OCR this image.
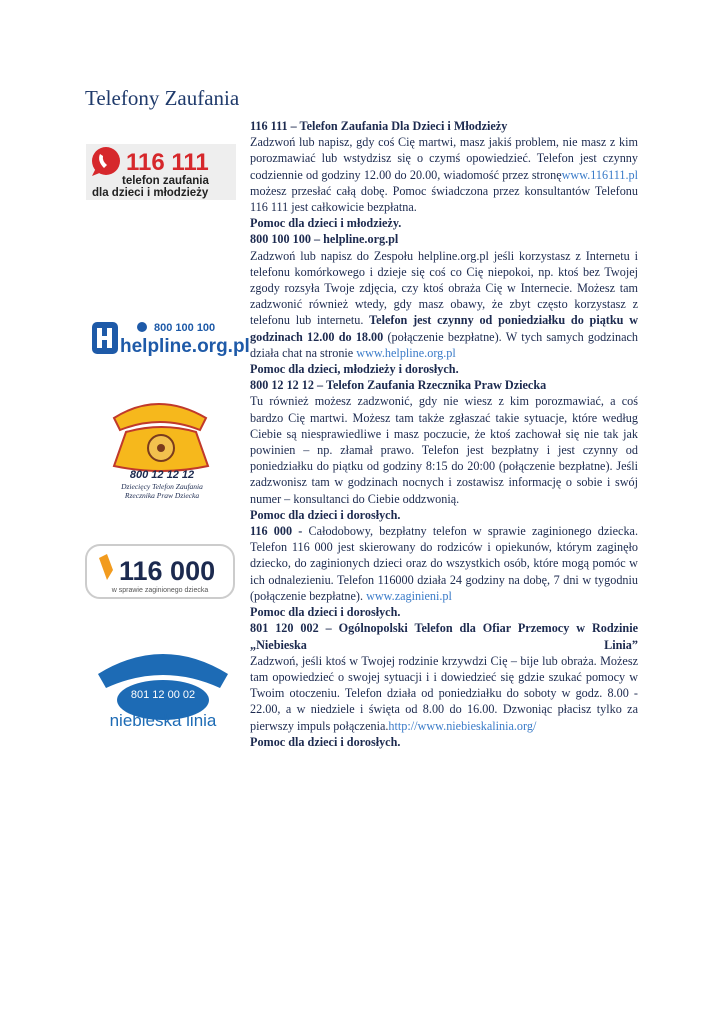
Telefony Zaufania
116 111
telefon zaufania
dla dzieci i młodzieży
800 100 100
helpline.org.pl
800 12 12 12
Dziecięcy Telefon Zaufania
Rzecznika Praw Dziecka
116 000
w sprawie zaginionego dziecka
801 12 00 02
niebieska linia

116 111 – Telefon Zaufania Dla Dzieci i Młodzieży

Zadzwoń lub napisz, gdy coś Cię martwi, masz jakiś problem, nie masz z kim porozmawiać lub wstydzisz się o czymś opowiedzieć. Telefon jest czynny codziennie od godziny 12.00 do 20.00, wiadomość przez stronęwww.116111.pl możesz przesłać całą dobę. Pomoc świadczona przez konsultantów Telefonu 116 111 jest całkowicie bezpłatna.

Pomoc dla dzieci i młodzieży.

800 100 100 – helpline.org.pl

Zadzwoń lub napisz do Zespołu helpline.org.pl jeśli korzystasz z Internetu i telefonu komórkowego i dzieje się coś co Cię niepokoi, np. ktoś bez Twojej zgody rozsyła Twoje zdjęcia, czy ktoś obraża Cię w Internecie. Możesz tam zadzwonić również wtedy, gdy masz obawy, że zbyt często korzystasz z telefonu lub internetu. Telefon jest czynny od poniedziałku do piątku w godzinach 12.00 do 18.00 (połączenie bezpłatne). W tych samych godzinach działa chat na stronie www.helpline.org.pl

Pomoc dla dzieci, młodzieży i dorosłych.

800 12 12 12 – Telefon Zaufania Rzecznika Praw Dziecka

Tu również możesz zadzwonić, gdy nie wiesz z kim porozmawiać, a coś bardzo Cię martwi. Możesz tam także zgłaszać takie sytuacje, które według Ciebie są niesprawiedliwe i masz poczucie, że ktoś zachował się nie tak jak powinien – np. złamał prawo. Telefon jest bezpłatny i jest czynny od poniedziałku do piątku od godziny 8:15 do 20:00 (połączenie bezpłatne). Jeśli zadzwonisz tam w godzinach nocnych i zostawisz informację o sobie i swój numer – konsultanci do Ciebie oddzwonią.

Pomoc dla dzieci i dorosłych.

116 000 - Całodobowy, bezpłatny telefon w sprawie zaginionego dziecka. Telefon 116 000 jest skierowany do rodziców i opiekunów, którym zaginęło dziecko, do zaginionych dzieci oraz do wszystkich osób, które mogą pomóc w ich odnalezieniu. Telefon 116000 działa 24 godziny na dobę, 7 dni w tygodniu (połączenie bezpłatne). www.zaginieni.pl

Pomoc dla dzieci i dorosłych.

801 120 002 – Ogólnopolski Telefon dla Ofiar Przemocy w Rodzinie „Niebieska Linia”

Zadzwoń, jeśli ktoś w Twojej rodzinie krzywdzi Cię – bije lub obraża. Możesz tam opowiedzieć o swojej sytuacji i i dowiedzieć się gdzie szukać pomocy w Twoim otoczeniu. Telefon działa od poniedziałku do soboty w godz. 8.00 - 22.00, a w niedziele i święta od 8.00 do 16.00. Dzwoniąc płacisz tylko za pierwszy impuls połączenia.http://www.niebieskalinia.org/

Pomoc dla dzieci i dorosłych.
